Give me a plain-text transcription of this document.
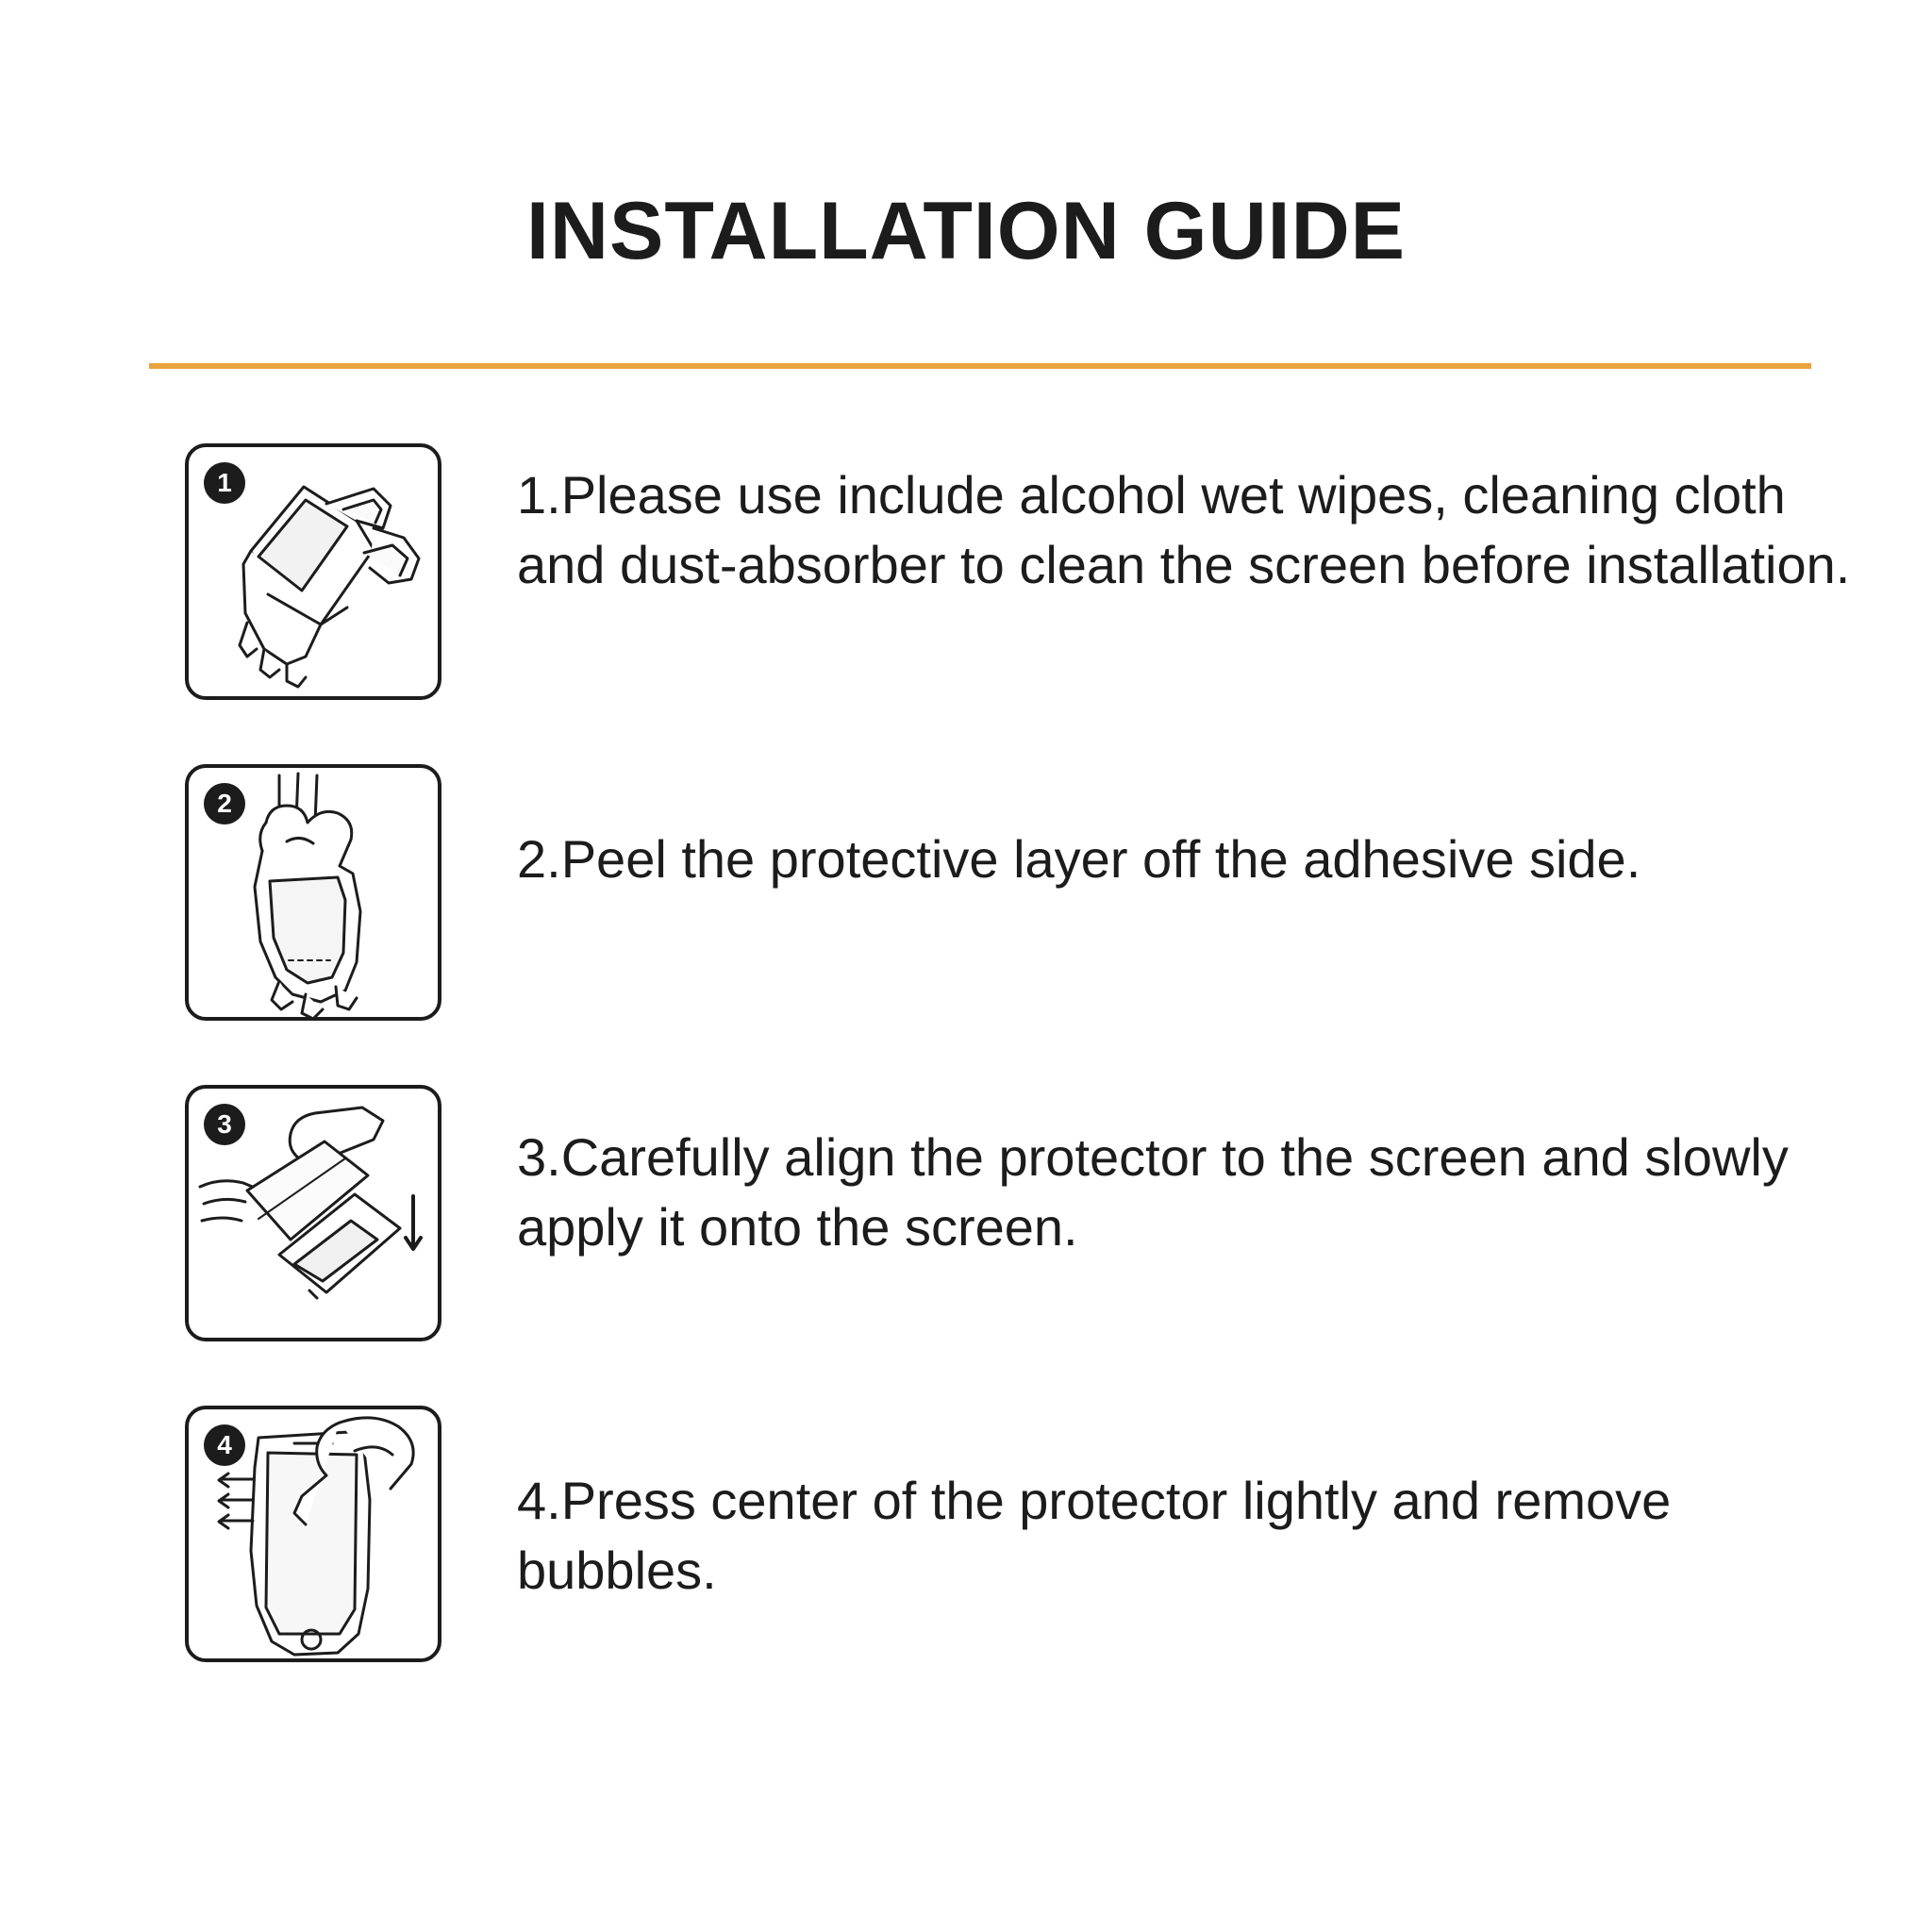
INSTALLATION GUIDE
1	1.Please use include alcohol wet wipes, cleaning cloth and dust-absorber to clean the screen before installation.
2
2.Peel the protective layer off the adhesive side.
3
3.Carefully align the protector to the screen and slowly apply it onto the screen.
4
4.Press center of the protector lightly and remove bubbles.
